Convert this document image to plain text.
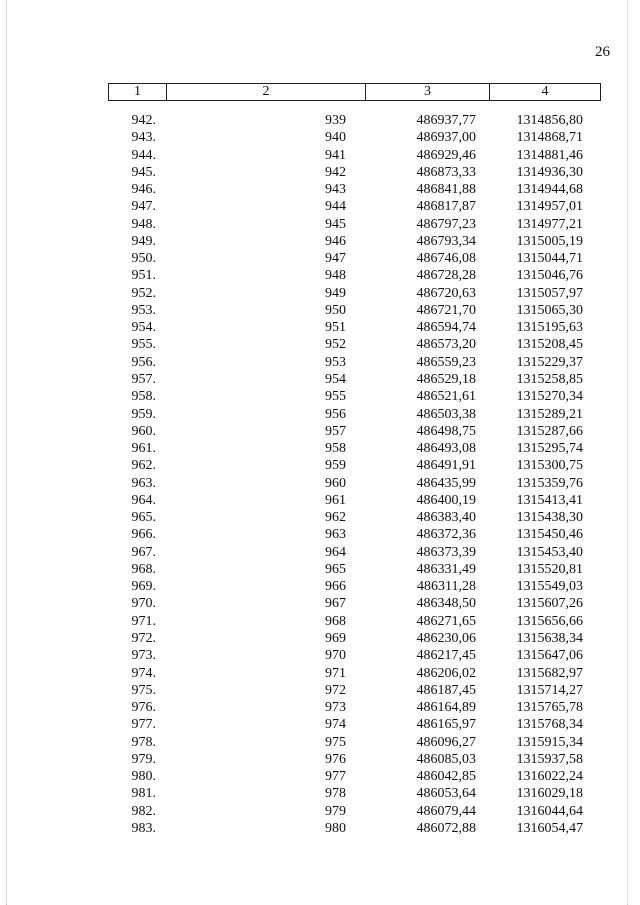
26
1	2	3	4
942.	939	486937,77	1314856,80
943.	940	486937,00	1314868,71
944.	941	486929,46	1314881,46
945.	942	486873,33	1314936,30
946.	943	486841,88	1314944,68
947.	944	486817,87	1314957,01
948.	945	486797,23	1314977,21
949.	946	486793,34	1315005,19
950.	947	486746,08	1315044,71
951.	948	486728,28	1315046,76
952.	949	486720,63	1315057,97
953.	950	486721,70	1315065,30
954.	951	486594,74	1315195,63
955.	952	486573,20	1315208,45
956.	953	486559,23	1315229,37
957.	954	486529,18	1315258,85
958.	955	486521,61	1315270,34
959.	956	486503,38	1315289,21
960.	957	486498,75	1315287,66
961.	958	486493,08	1315295,74
962.	959	486491,91	1315300,75
963.	960	486435,99	1315359,76
964.	961	486400,19	1315413,41
965.	962	486383,40	1315438,30
966.	963	486372,36	1315450,46
967.	964	486373,39	1315453,40
968.	965	486331,49	1315520,81
969.	966	486311,28	1315549,03
970.	967	486348,50	1315607,26
971.	968	486271,65	1315656,66
972.	969	486230,06	1315638,34
973.	970	486217,45	1315647,06
974.	971	486206,02	1315682,97
975.	972	486187,45	1315714,27
976.	973	486164,89	1315765,78
977.	974	486165,97	1315768,34
978.	975	486096,27	1315915,34
979.	976	486085,03	1315937,58
980.	977	486042,85	1316022,24
981.	978	486053,64	1316029,18
982.	979	486079,44	1316044,64
983.	980	486072,88	1316054,47
